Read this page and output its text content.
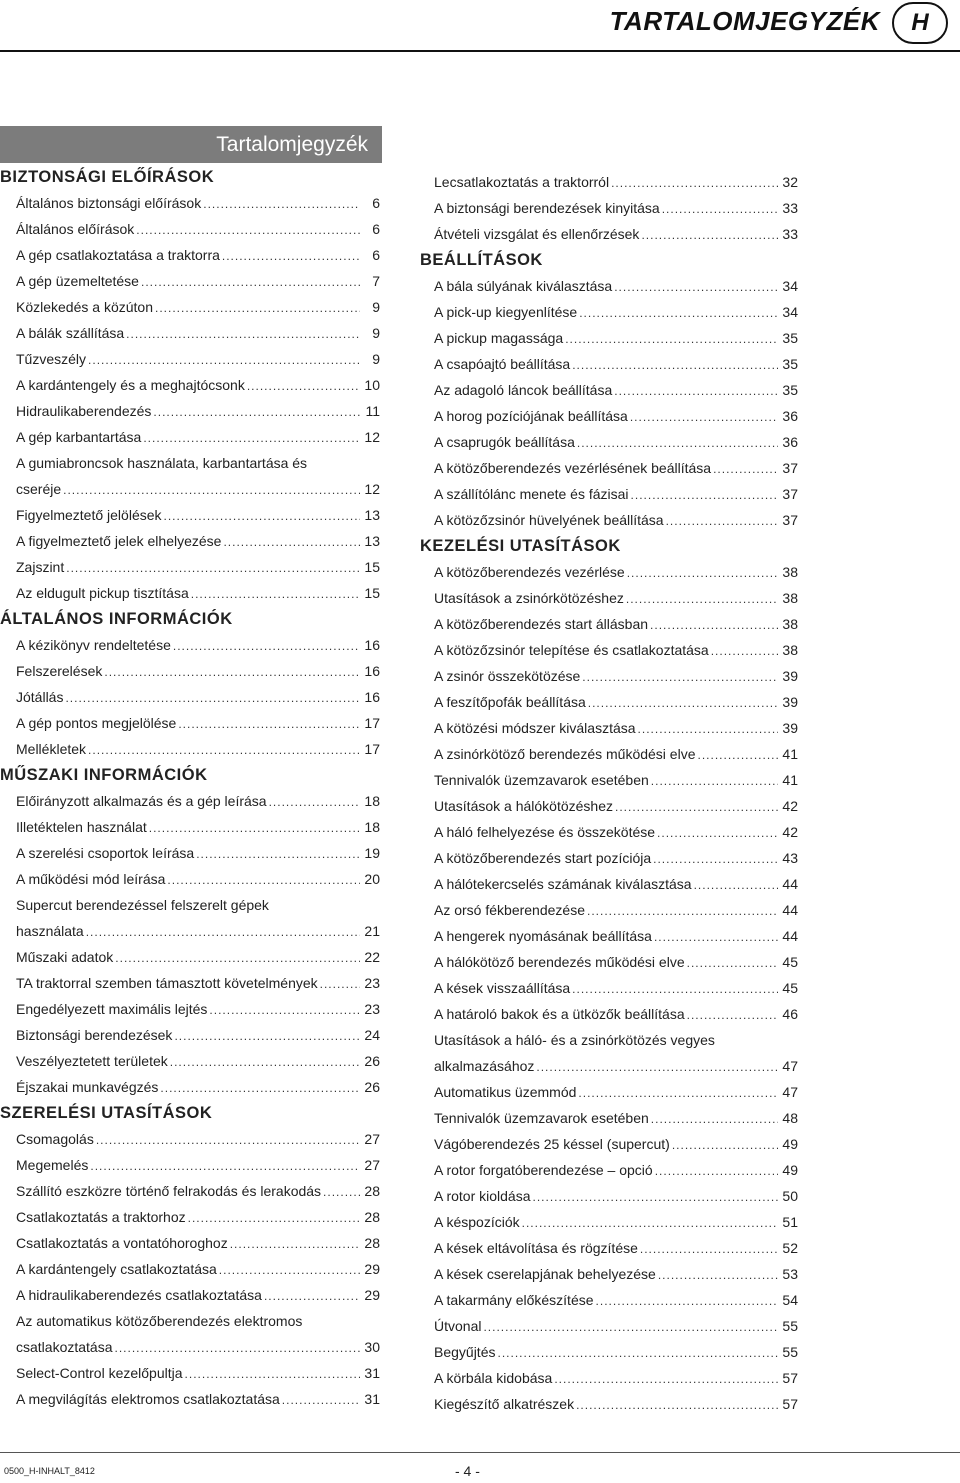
TARTALOMJEGYZÉK	H
Tartalomjegyzék
BIZTONSÁGI ELŐÍRÁSOK
Általános biztonsági előírások .....	6
Általános előírások .....	6
A gép csatlakoztatása a traktorra .....	6
A gép üzemeltetése .....	7
Közlekedés a közúton .....	9
A bálák szállítása .....	9
Tűzveszély .....	9
A kardántengely és a meghajtócsonk .....	10
Hidraulikaberendezés .....	11
A gép karbantartása .....	12
A gumiabroncsok használata, karbantartása és
cseréje .....	12
Figyelmeztető jelölések .....	13
A figyelmeztető jelek elhelyezése .....	13
Zajszint .....	15
Az eldugult pickup tisztítása .....	15
ÁLTALÁNOS INFORMÁCIÓK
A kézikönyv rendeltetése .....	16
Felszerelések .....	16
Jótállás .....	16
A gép pontos megjelölése .....	17
Mellékletek .....	17
MŰSZAKI INFORMÁCIÓK
Előirányzott alkalmazás és a gép leírása .....	18
Illetéktelen használat .....	18
A szerelési csoportok leírása .....	19
A működési mód leírása .....	20
Supercut berendezéssel felszerelt gépek
használata .....	21
Műszaki adatok .....	22
TA traktorral szemben támasztott követelmények .....	23
Engedélyezett maximális lejtés .....	23
Biztonsági berendezések .....	24
Veszélyeztetett területek .....	26
Éjszakai munkavégzés .....	26
SZERELÉSI UTASÍTÁSOK
Csomagolás .....	27
Megemelés .....	27
Szállító eszközre történő felrakodás és lerakodás .....	28
Csatlakoztatás a traktorhoz .....	28
Csatlakoztatás a vontatóhoroghoz .....	28
A kardántengely csatlakoztatása .....	29
A hidraulikaberendezés csatlakoztatása .....	29
Az automatikus kötözőberendezés elektromos
csatlakoztatása .....	30
Select-Control kezelőpultja .....	31
A megvilágítás elektromos csatlakoztatása .....	31
Lecsatlakoztatás a traktorról .....	32
A biztonsági berendezések kinyitása .....	33
Átvételi vizsgálat és ellenőrzések .....	33
BEÁLLÍTÁSOK
A bála súlyának kiválasztása .....	34
A pick-up kiegyenlítése .....	34
A pickup magassága .....	35
A csapóajtó beállítása .....	35
Az adagoló láncok beállítása .....	35
A horog pozíciójának beállítása .....	36
A csaprugók beállítása .....	36
A kötözőberendezés vezérlésének beállítása .....	37
A szállítólánc menete és fázisai .....	37
A kötözőzsinór hüvelyének beállítása .....	37
KEZELÉSI UTASÍTÁSOK
A kötözőberendezés vezérlése .....	38
Utasítások a zsinórkötözéshez .....	38
A kötözőberendezés start állásban .....	38
A kötözőzsinór telepítése és csatlakoztatása .....	38
A zsinór összekötözése .....	39
A feszítőpofák beállítása .....	39
A kötözési módszer kiválasztása .....	39
A zsinórkötöző berendezés működési elve .....	41
Tennivalók üzemzavarok esetében .....	41
Utasítások a hálókötözéshez .....	42
A háló felhelyezése és összekötése .....	42
A kötözőberendezés start pozíciója .....	43
A hálótekercselés számának kiválasztása .....	44
Az orsó fékberendezése .....	44
A hengerek nyomásának beállítása .....	44
A hálókötöző berendezés működési elve .....	45
A kések visszaállítása .....	45
A határoló bakok és a ütközők beállítása .....	46
Utasítások a háló- és a zsinórkötözés vegyes
alkalmazásához .....	47
Automatikus üzemmód .....	47
Tennivalók üzemzavarok esetében .....	48
Vágóberendezés 25 késsel (supercut) .....	49
A rotor forgatóberendezése – opció .....	49
A rotor kioldása .....	50
A késpozíciók .....	51
A kések eltávolítása és rögzítése .....	52
A kések cserelapjának behelyezése .....	53
A takarmány előkészítése .....	54
Útvonal .....	55
Begyűjtés .....	55
A körbála kidobása .....	57
Kiegészítő alkatrészek .....	57
0500_H-INHALT_8412	- 4 -
